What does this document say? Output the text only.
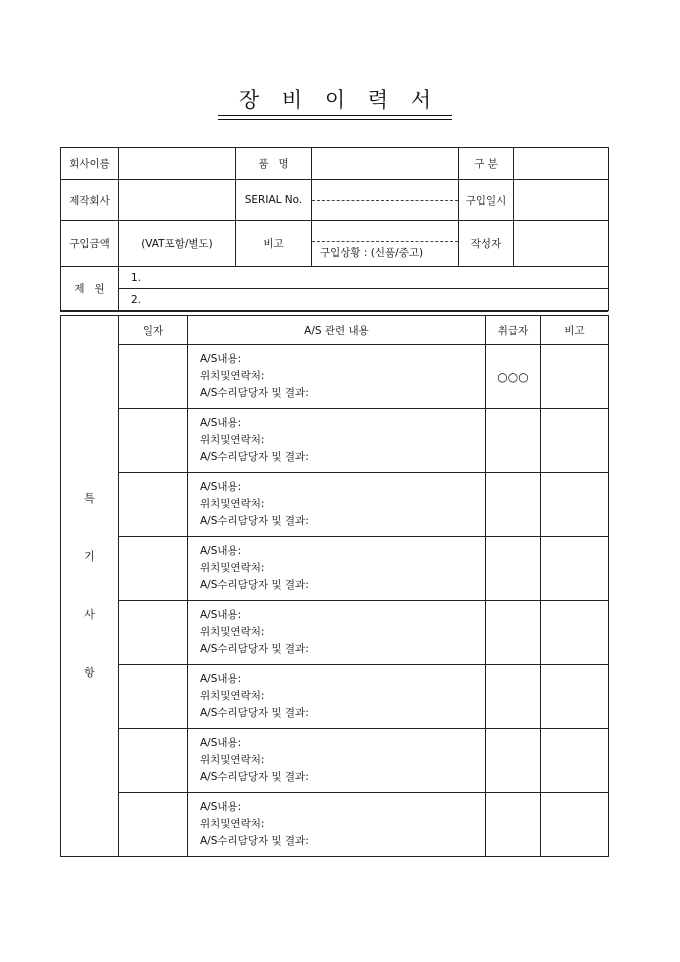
장 비 이 력 서
회사이름		품   명		구 분	
제작회사		SERIAL No.		구입일시	
구입금액	(VAT포함/별도)	비고	구입상황 : (신품/중고)	작성자	
제   원	1.				
	2.				
특
기
사
항	일자	A/S 관련 내용	취급자	비고

		A/S내용:
위치및연락처:
A/S수리담당자 및 결과:	○○○	

		A/S내용:
위치및연락처:
A/S수리담당자 및 결과:		

		A/S내용:
위치및연락처:
A/S수리담당자 및 결과:		

		A/S내용:
위치및연락처:
A/S수리담당자 및 결과:		

		A/S내용:
위치및연락처:
A/S수리담당자 및 결과:		

		A/S내용:
위치및연락처:
A/S수리담당자 및 결과:		

		A/S내용:
위치및연락처:
A/S수리담당자 및 결과:		

		A/S내용:
위치및연락처:
A/S수리담당자 및 결과:		
